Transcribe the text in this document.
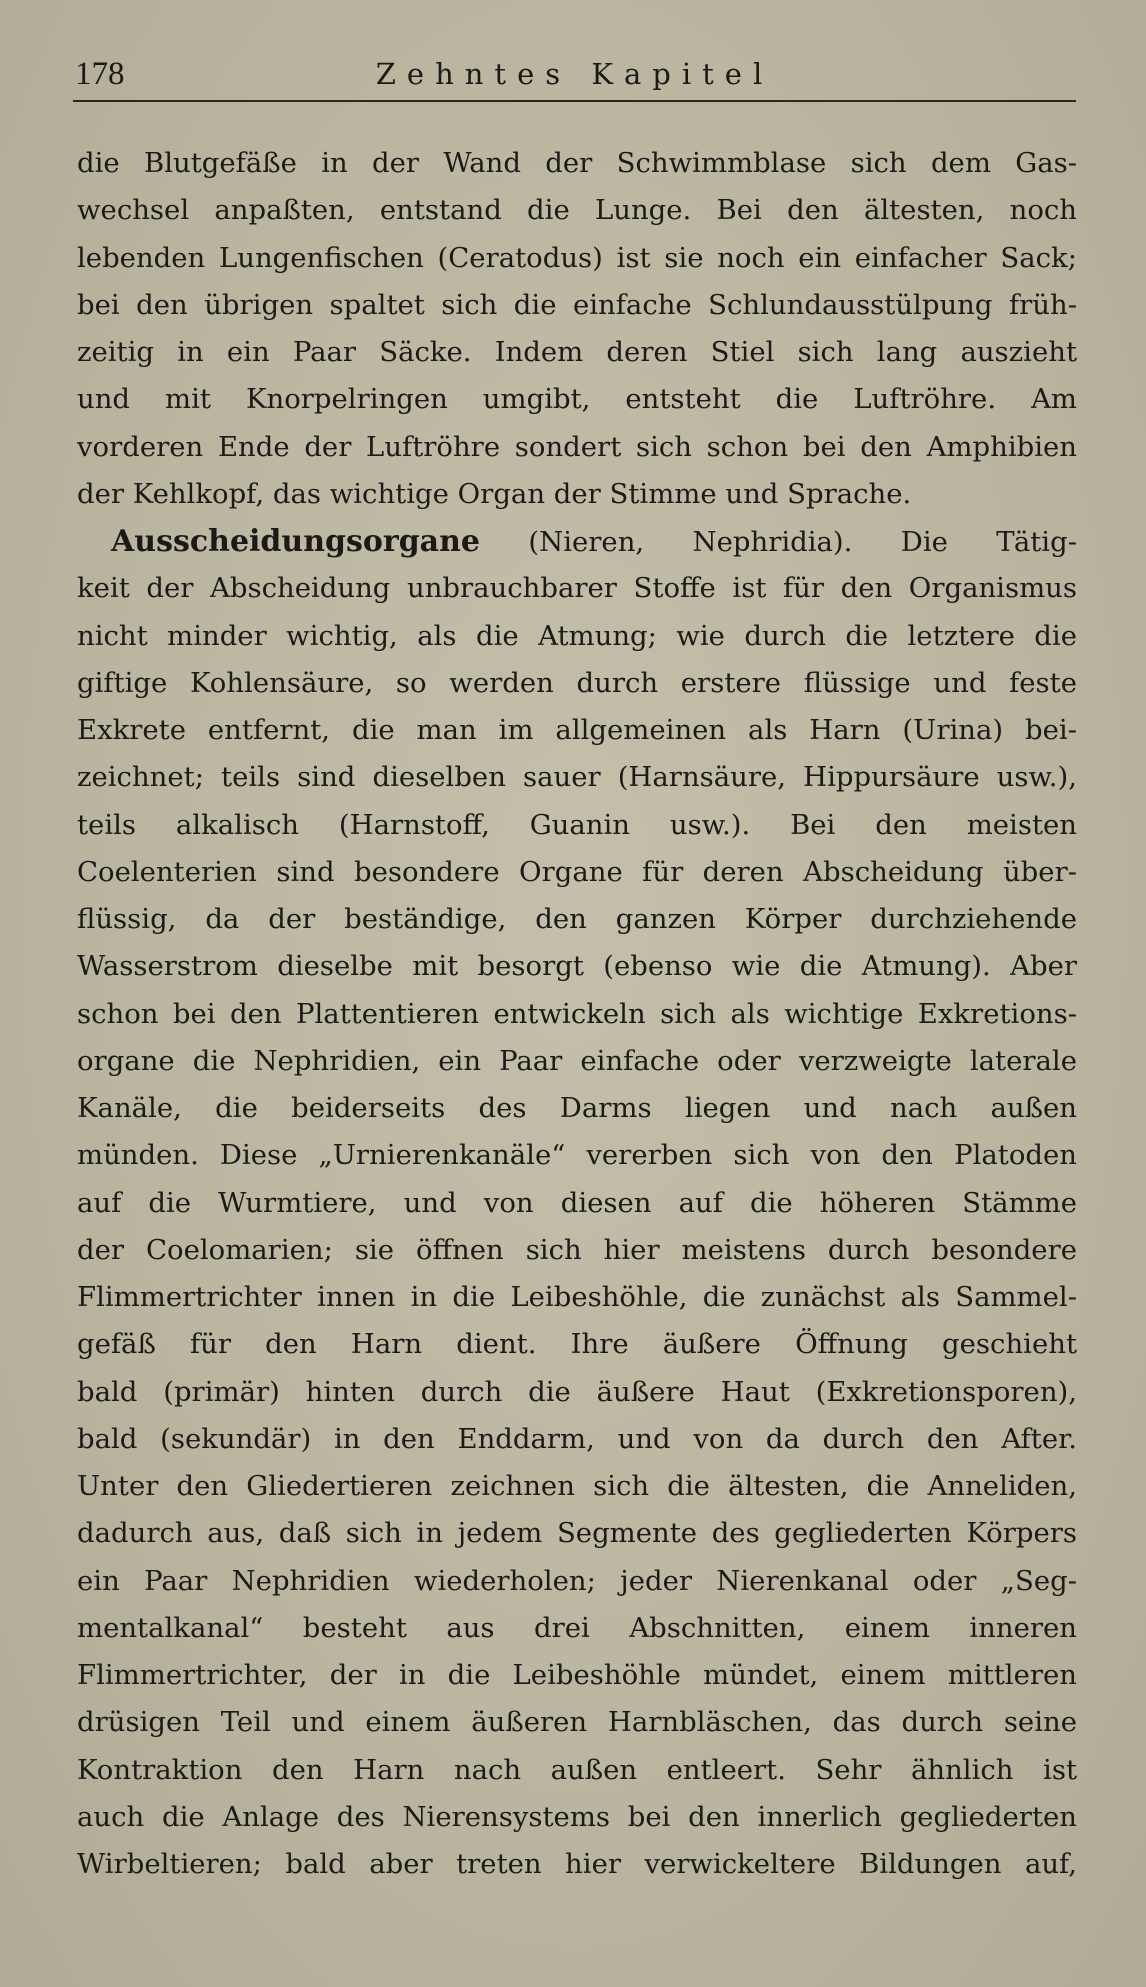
178	Zehntes Kapitel
die Blutgefäße in der Wand der Schwimmblase sich dem Gas-
wechsel anpaßten, entstand die Lunge. Bei den ältesten, noch
lebenden Lungenfischen (Ceratodus) ist sie noch ein einfacher Sack;
bei den übrigen spaltet sich die einfache Schlundausstülpung früh-
zeitig in ein Paar Säcke. Indem deren Stiel sich lang auszieht
und mit Knorpelringen umgibt, entsteht die Luftröhre. Am
vorderen Ende der Luftröhre sondert sich schon bei den Amphibien
der Kehlkopf, das wichtige Organ der Stimme und Sprache.
Ausscheidungsorgane (Nieren, Nephridia). Die Tätig-
keit der Abscheidung unbrauchbarer Stoffe ist für den Organismus
nicht minder wichtig, als die Atmung; wie durch die letztere die
giftige Kohlensäure, so werden durch erstere flüssige und feste
Exkrete entfernt, die man im allgemeinen als Harn (Urina) bei-
zeichnet; teils sind dieselben sauer (Harnsäure, Hippursäure usw.),
teils alkalisch (Harnstoff, Guanin usw.). Bei den meisten
Coelenterien sind besondere Organe für deren Abscheidung über-
flüssig, da der beständige, den ganzen Körper durchziehende
Wasserstrom dieselbe mit besorgt (ebenso wie die Atmung). Aber
schon bei den Plattentieren entwickeln sich als wichtige Exkretions-
organe die Nephridien, ein Paar einfache oder verzweigte laterale
Kanäle, die beiderseits des Darms liegen und nach außen
münden. Diese „Urnierenkanäle“ vererben sich von den Platoden
auf die Wurmtiere, und von diesen auf die höheren Stämme
der Coelomarien; sie öffnen sich hier meistens durch besondere
Flimmertrichter innen in die Leibeshöhle, die zunächst als Sammel-
gefäß für den Harn dient. Ihre äußere Öffnung geschieht
bald (primär) hinten durch die äußere Haut (Exkretionsporen),
bald (sekundär) in den Enddarm, und von da durch den After.
Unter den Gliedertieren zeichnen sich die ältesten, die Anneliden,
dadurch aus, daß sich in jedem Segmente des gegliederten Körpers
ein Paar Nephridien wiederholen; jeder Nierenkanal oder „Seg-
mentalkanal“ besteht aus drei Abschnitten, einem inneren
Flimmertrichter, der in die Leibeshöhle mündet, einem mittleren
drüsigen Teil und einem äußeren Harnbläschen, das durch seine
Kontraktion den Harn nach außen entleert. Sehr ähnlich ist
auch die Anlage des Nierensystems bei den innerlich gegliederten
Wirbeltieren; bald aber treten hier verwickeltere Bildungen auf,
